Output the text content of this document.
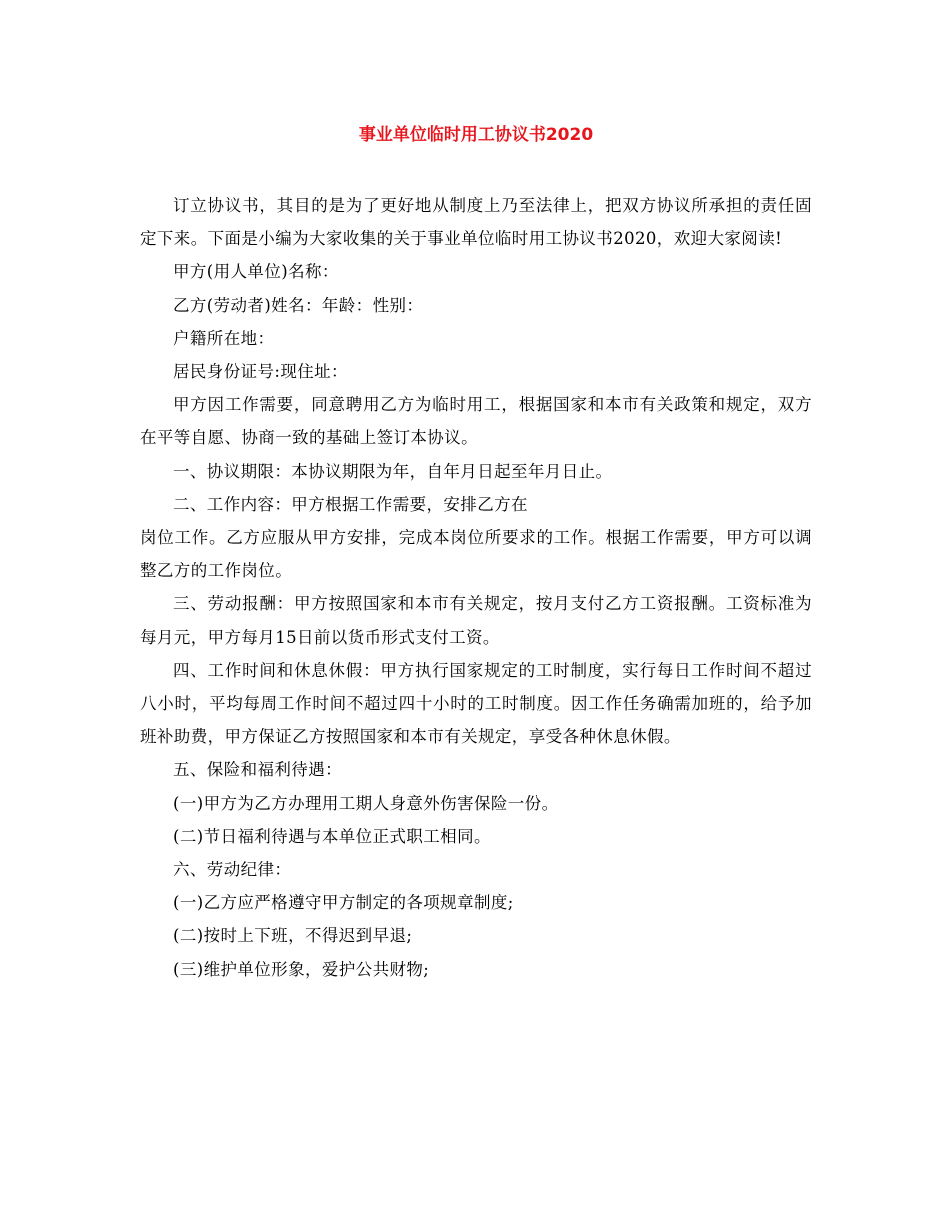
事业单位临时用工协议书2020

订立协议书，其目的是为了更好地从制度上乃至法律上，把双方协议所承担的责任固定下来。下面是小编为大家收集的关于事业单位临时用工协议书2020，欢迎大家阅读!

甲方(用人单位)名称：

乙方(劳动者)姓名：年龄：性别：

户籍所在地：

居民身份证号:现住址：

甲方因工作需要，同意聘用乙方为临时用工，根据国家和本市有关政策和规定，双方在平等自愿、协商一致的基础上签订本协议。

一、协议期限：本协议期限为年，自年月日起至年月日止。

二、工作内容：甲方根据工作需要，安排乙方在

岗位工作。乙方应服从甲方安排，完成本岗位所要求的工作。根据工作需要，甲方可以调整乙方的工作岗位。

三、劳动报酬：甲方按照国家和本市有关规定，按月支付乙方工资报酬。工资标准为每月元，甲方每月15日前以货币形式支付工资。

四、工作时间和休息休假：甲方执行国家规定的工时制度，实行每日工作时间不超过八小时，平均每周工作时间不超过四十小时的工时制度。因工作任务确需加班的，给予加班补助费，甲方保证乙方按照国家和本市有关规定，享受各种休息休假。

五、保险和福利待遇：

(一)甲方为乙方办理用工期人身意外伤害保险一份。

(二)节日福利待遇与本单位正式职工相同。

六、劳动纪律：

(一)乙方应严格遵守甲方制定的各项规章制度;

(二)按时上下班，不得迟到早退;

(三)维护单位形象，爱护公共财物;
